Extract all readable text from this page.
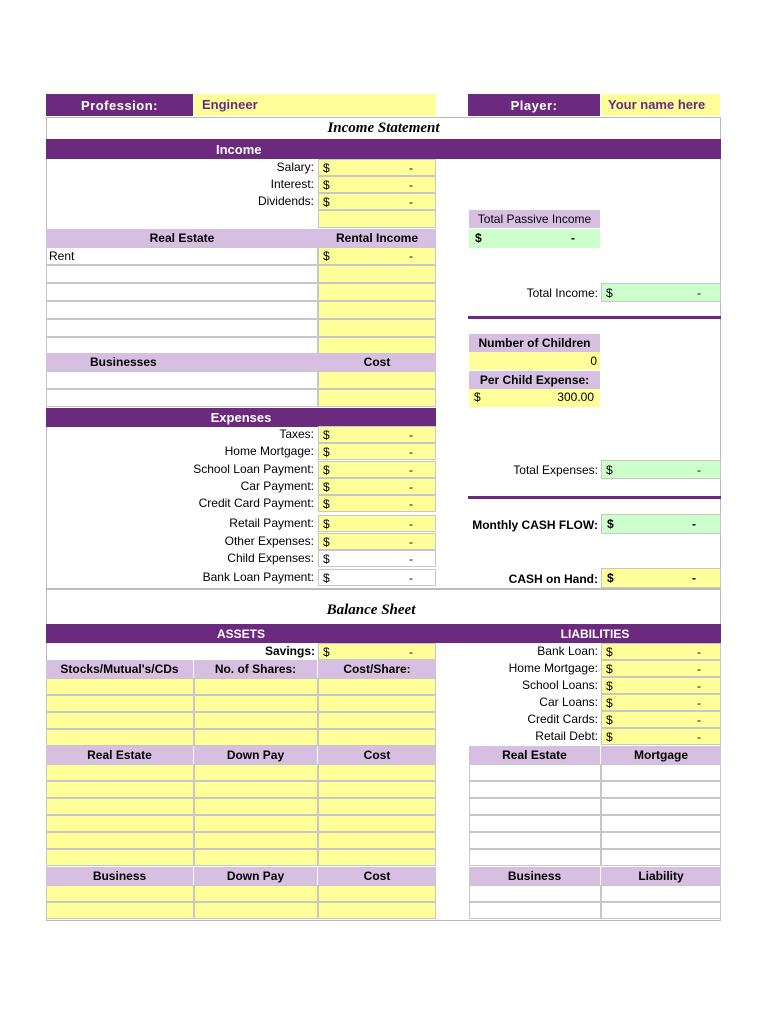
Profession:	Engineer	Player:	Your name here
Income Statement
Income
Salary: $	-
Interest: $	-
Dividends: $	-
Total Passive Income
$	-
Real Estate	Rental Income
Rent	$	-
Total Income: $	-
Number of Children
0
Per Child Expense:
$	300.00
Businesses	Cost
Expenses
Taxes: $	-
Home Mortgage: $	-
School Loan Payment: $	-
Car Payment: $	-
Credit Card Payment: $	-
Retail Payment: $	-
Other Expenses: $	-
Child Expenses: $	-
Bank Loan Payment: $	-
Total Expenses: $	-
Monthly CASH FLOW: $	-
CASH on Hand: $	-
Balance Sheet
ASSETS	LIABILITIES
Savings: $	-
Stocks/Mutual's/CDs	No. of Shares:	Cost/Share:
Real Estate	Down Pay	Cost
Business	Down Pay	Cost
Bank Loan: $	-
Home Mortgage: $	-
School Loans: $	-
Car Loans: $	-
Credit Cards: $	-
Retail Debt: $	-
Real Estate	Mortgage
Business	Liability
